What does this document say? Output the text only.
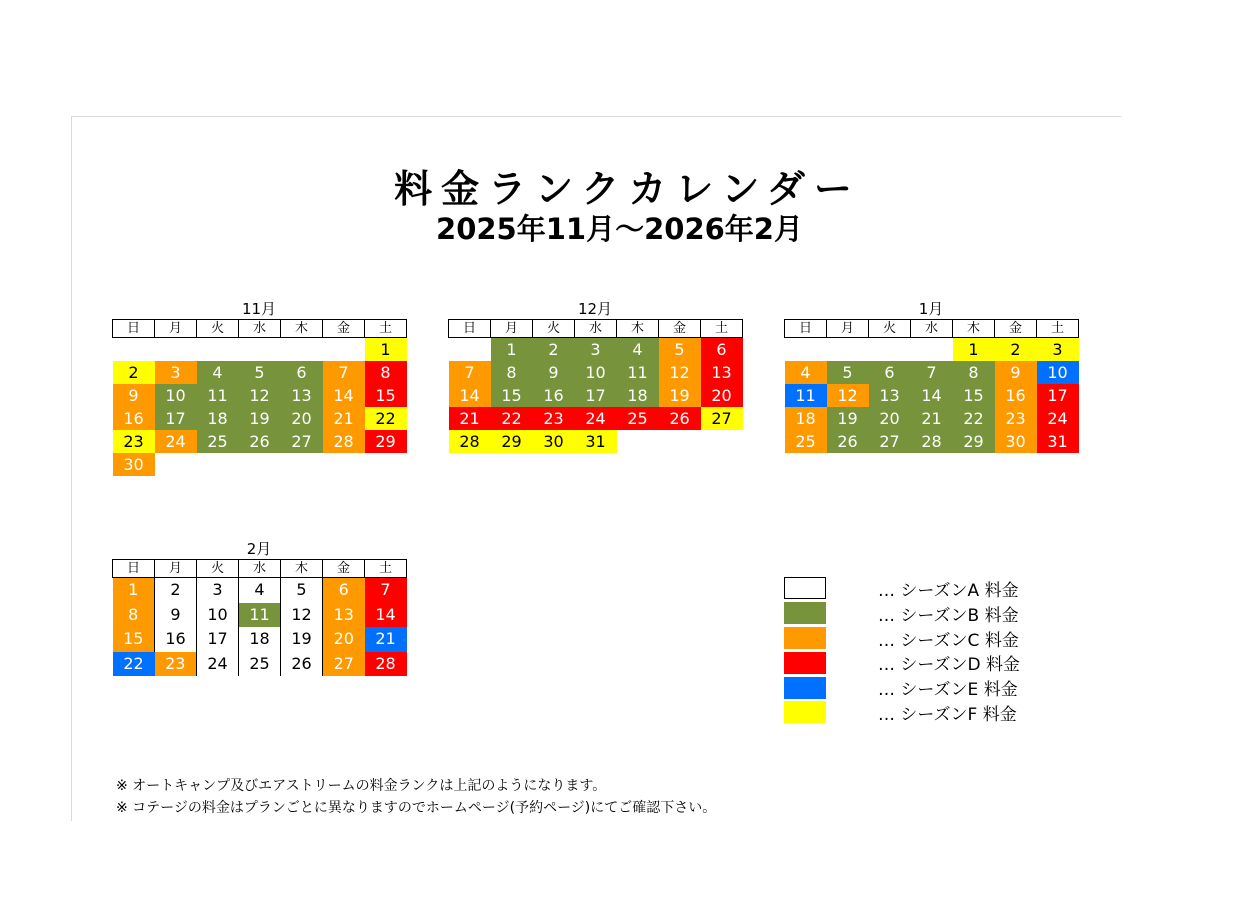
料金ランクカレンダー
2025年11月～2026年2月
11月
日	月	火	水	木	金	土
						1
2	3	4	5	6	7	8
9	10	11	12	13	14	15
16	17	18	19	20	21	22
23	24	25	26	27	28	29
30						
12月
日	月	火	水	木	金	土
	1	2	3	4	5	6
7	8	9	10	11	12	13
14	15	16	17	18	19	20
21	22	23	24	25	26	27
28	29	30	31			
1月
日	月	火	水	木	金	土
				1	2	3
4	5	6	7	8	9	10
11	12	13	14	15	16	17
18	19	20	21	22	23	24
25	26	27	28	29	30	31
2月
日	月	火	水	木	金	土
1	2	3	4	5	6	7
8	9	10	11	12	13	14
15	16	17	18	19	20	21
22	23	24	25	26	27	28
… シーズンA 料金
… シーズンB 料金
… シーズンC 料金
… シーズンD 料金
… シーズンE 料金
… シーズンF 料金
※ オートキャンプ及びエアストリームの料金ランクは上記のようになります。
※ コテージの料金はプランごとに異なりますのでホームページ(予約ページ)にてご確認下さい。
